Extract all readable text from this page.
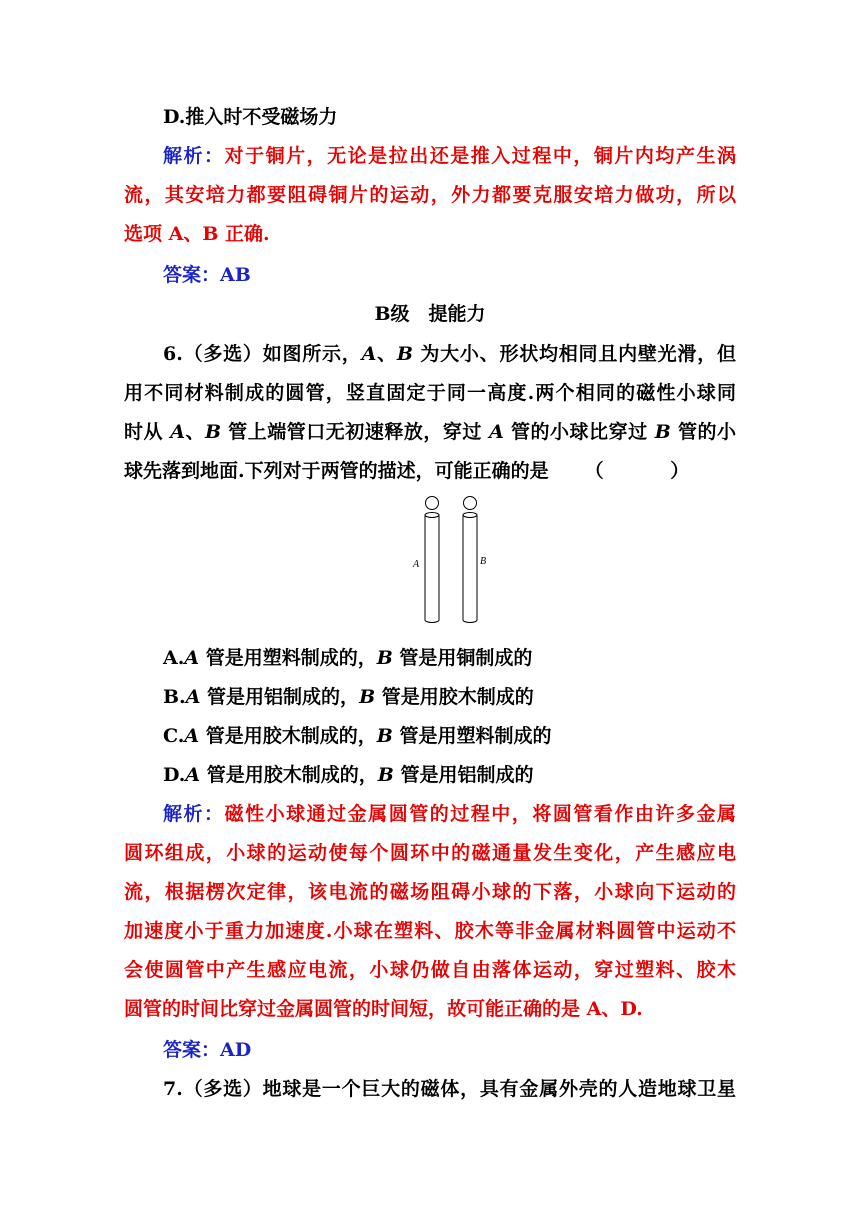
D.推入时不受磁场力
解析：对于铜片，无论是拉出还是推入过程中，铜片内均产生涡
流，其安培力都要阻碍铜片的运动，外力都要克服安培力做功，所以
选项 A、B 正确.
答案：AB
B级　提能力
6.（多选）如图所示，A、B 为大小、形状均相同且内壁光滑，但
用不同材料制成的圆管，竖直固定于同一高度.两个相同的磁性小球同
时从 A、B 管上端管口无初速释放，穿过 A 管的小球比穿过 B 管的小
球先落到地面.下列对于两管的描述，可能正确的是 （ ）
A	B
A.A 管是用塑料制成的，B 管是用铜制成的
B.A 管是用铝制成的，B 管是用胶木制成的
C.A 管是用胶木制成的，B 管是用塑料制成的
D.A 管是用胶木制成的，B 管是用铝制成的
解析：磁性小球通过金属圆管的过程中，将圆管看作由许多金属
圆环组成，小球的运动使每个圆环中的磁通量发生变化，产生感应电
流，根据楞次定律，该电流的磁场阻碍小球的下落，小球向下运动的
加速度小于重力加速度.小球在塑料、胶木等非金属材料圆管中运动不
会使圆管中产生感应电流，小球仍做自由落体运动，穿过塑料、胶木
圆管的时间比穿过金属圆管的时间短，故可能正确的是 A、D.
答案：AD
7.（多选）地球是一个巨大的磁体，具有金属外壳的人造地球卫星
